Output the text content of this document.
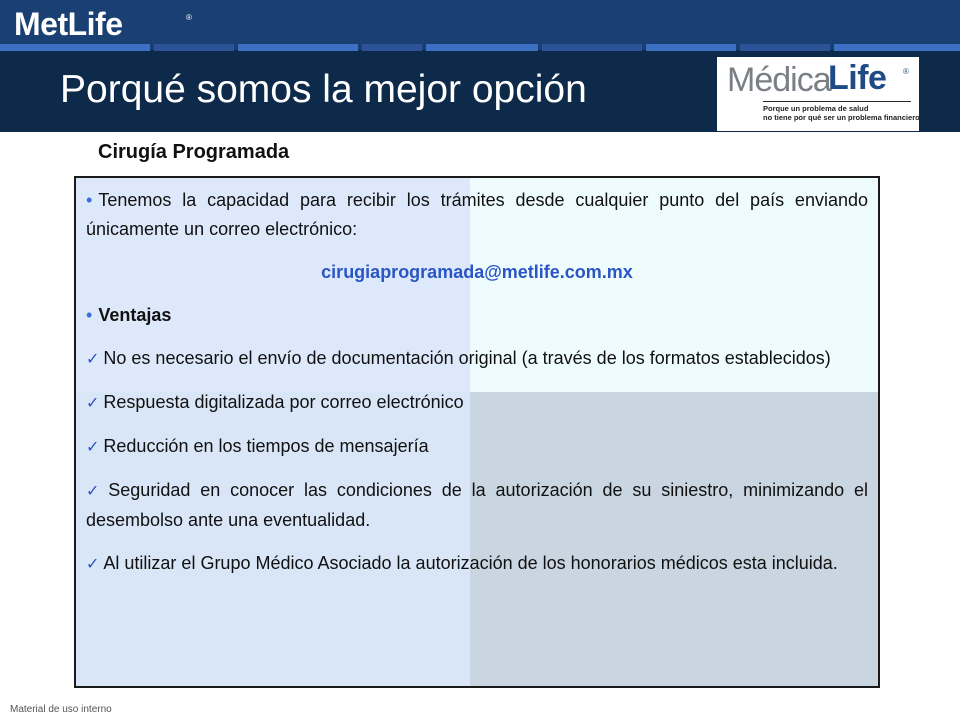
MetLife	®
Porqué somos la mejor opción	Médica
Life ®
Porque un problema de salud
no tiene por qué ser un problema financiero
Cirugía Programada
• Tenemos la capacidad para recibir los trámites desde cualquier punto del país enviando únicamente un correo electrónico:
cirugiaprogramada@metlife.com.mx
• Ventajas
✓ No es necesario el envío de documentación original (a través de los formatos establecidos)
✓ Respuesta digitalizada por correo electrónico
✓ Reducción en los tiempos de mensajería
✓ Seguridad en conocer las condiciones de la autorización de su siniestro, minimizando el desembolso ante una eventualidad.
✓ Al utilizar el Grupo Médico Asociado la autorización de los honorarios médicos esta incluida.
Material de uso interno
